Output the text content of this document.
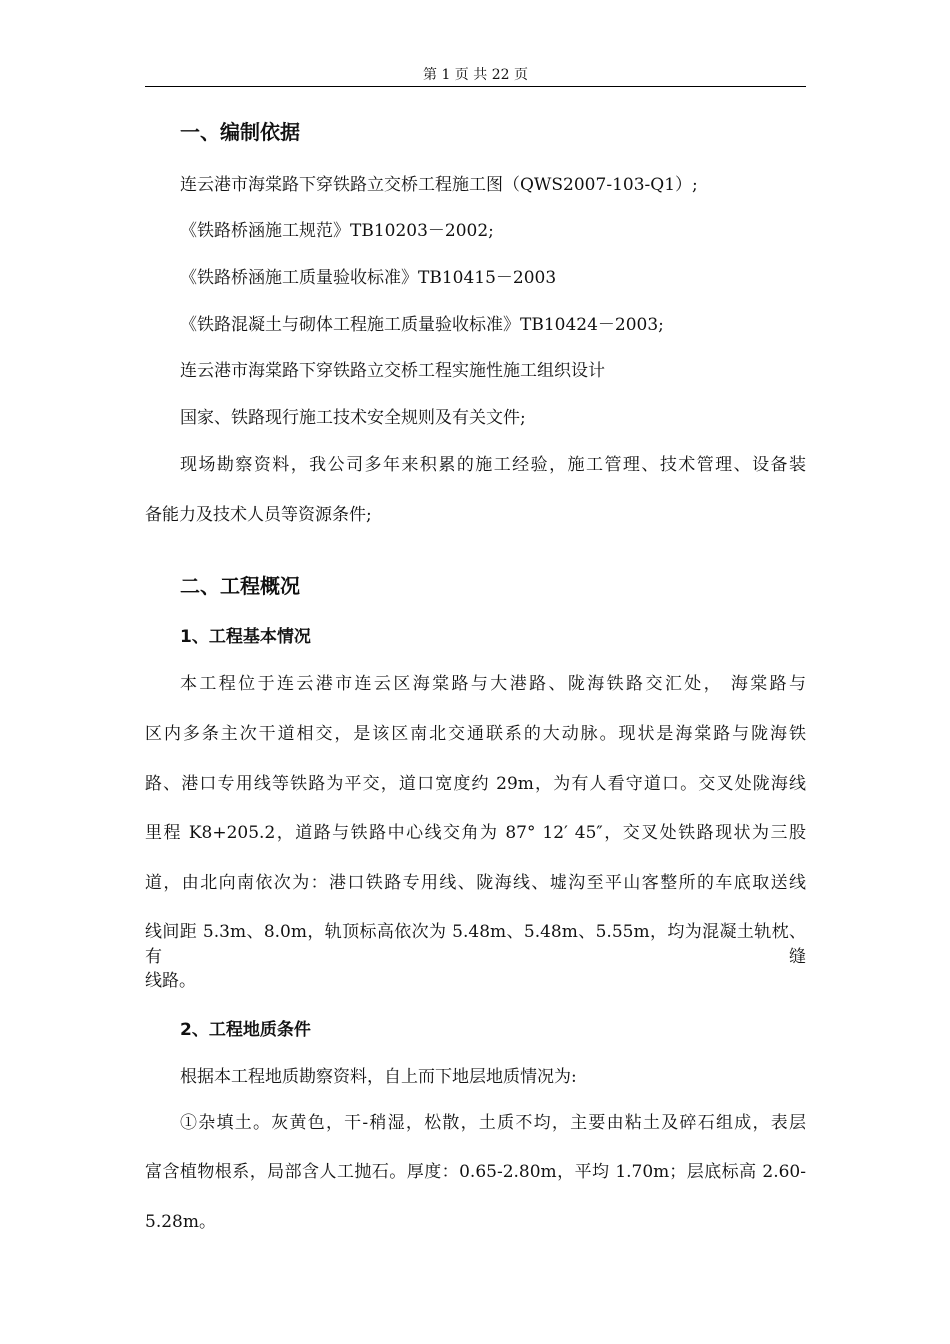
第 1 页 共 22 页
一、编制依据
连云港市海棠路下穿铁路立交桥工程施工图（QWS2007-103-Q1）;
《铁路桥涵施工规范》TB10203－2002;
《铁路桥涵施工质量验收标准》TB10415－2003
《铁路混凝土与砌体工程施工质量验收标准》TB10424－2003;
连云港市海棠路下穿铁路立交桥工程实施性施工组织设计
国家、铁路现行施工技术安全规则及有关文件;
现场勘察资料，我公司多年来积累的施工经验，施工管理、技术管理、设备装
备能力及技术人员等资源条件;
二、工程概况
1、工程基本情况
本工程位于连云港市连云区海棠路与大港路、陇海铁路交汇处， 海棠路与
区内多条主次干道相交，是该区南北交通联系的大动脉。现状是海棠路与陇海铁
路、港口专用线等铁路为平交，道口宽度约 29m，为有人看守道口。交叉处陇海线
里程 K8+205.2，道路与铁路中心线交角为 87° 12′ 45″，交叉处铁路现状为三股
道，由北向南依次为：港口铁路专用线、陇海线、墟沟至平山客整所的车底取送线
线间距 5.3m、8.0m，轨顶标高依次为 5.48m、5.48m、5.55m，均为混凝土轨枕、有缝
线路。
2、工程地质条件
根据本工程地质勘察资料，自上而下地层地质情况为:
①杂填土。灰黄色，干-稍湿，松散，土质不均，主要由粘土及碎石组成，表层
富含植物根系，局部含人工抛石。厚度：0.65-2.80m，平均 1.70m；层底标高 2.60-
5.28m。
